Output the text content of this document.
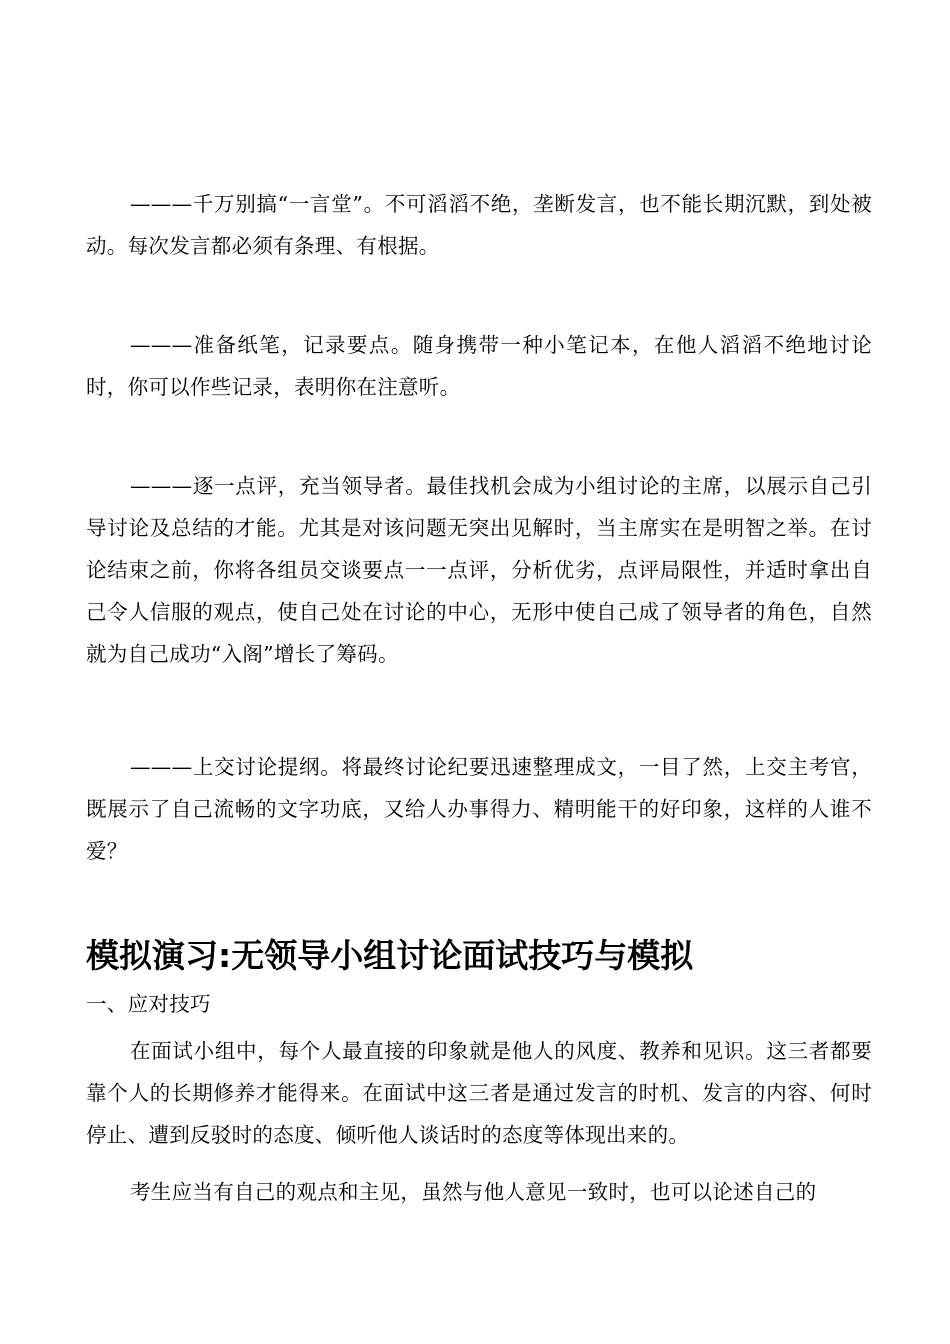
———千万别搞“一言堂”。不可滔滔不绝，垄断发言，也不能长期沉默，到处被动。每次发言都必须有条理、有根据。

———准备纸笔，记录要点。随身携带一种小笔记本，在他人滔滔不绝地讨论时，你可以作些记录，表明你在注意听。

———逐一点评，充当领导者。最佳找机会成为小组讨论的主席，以展示自己引导讨论及总结的才能。尤其是对该问题无突出见解时，当主席实在是明智之举。在讨论结束之前，你将各组员交谈要点一一点评，分析优劣，点评局限性，并适时拿出自己令人信服的观点，使自己处在讨论的中心，无形中使自己成了领导者的角色，自然就为自己成功“入阁”增长了筹码。

———上交讨论提纲。将最终讨论纪要迅速整理成文，一目了然，上交主考官，既展示了自己流畅的文字功底，又给人办事得力、精明能干的好印象，这样的人谁不爱？

模拟演习:无领导小组讨论面试技巧与模拟

一、应对技巧

在面试小组中，每个人最直接的印象就是他人的风度、教养和见识。这三者都要靠个人的长期修养才能得来。在面试中这三者是通过发言的时机、发言的内容、何时停止、遭到反驳时的态度、倾听他人谈话时的态度等体现出来的。

考生应当有自己的观点和主见，虽然与他人意见一致时，也可以论述自己的
